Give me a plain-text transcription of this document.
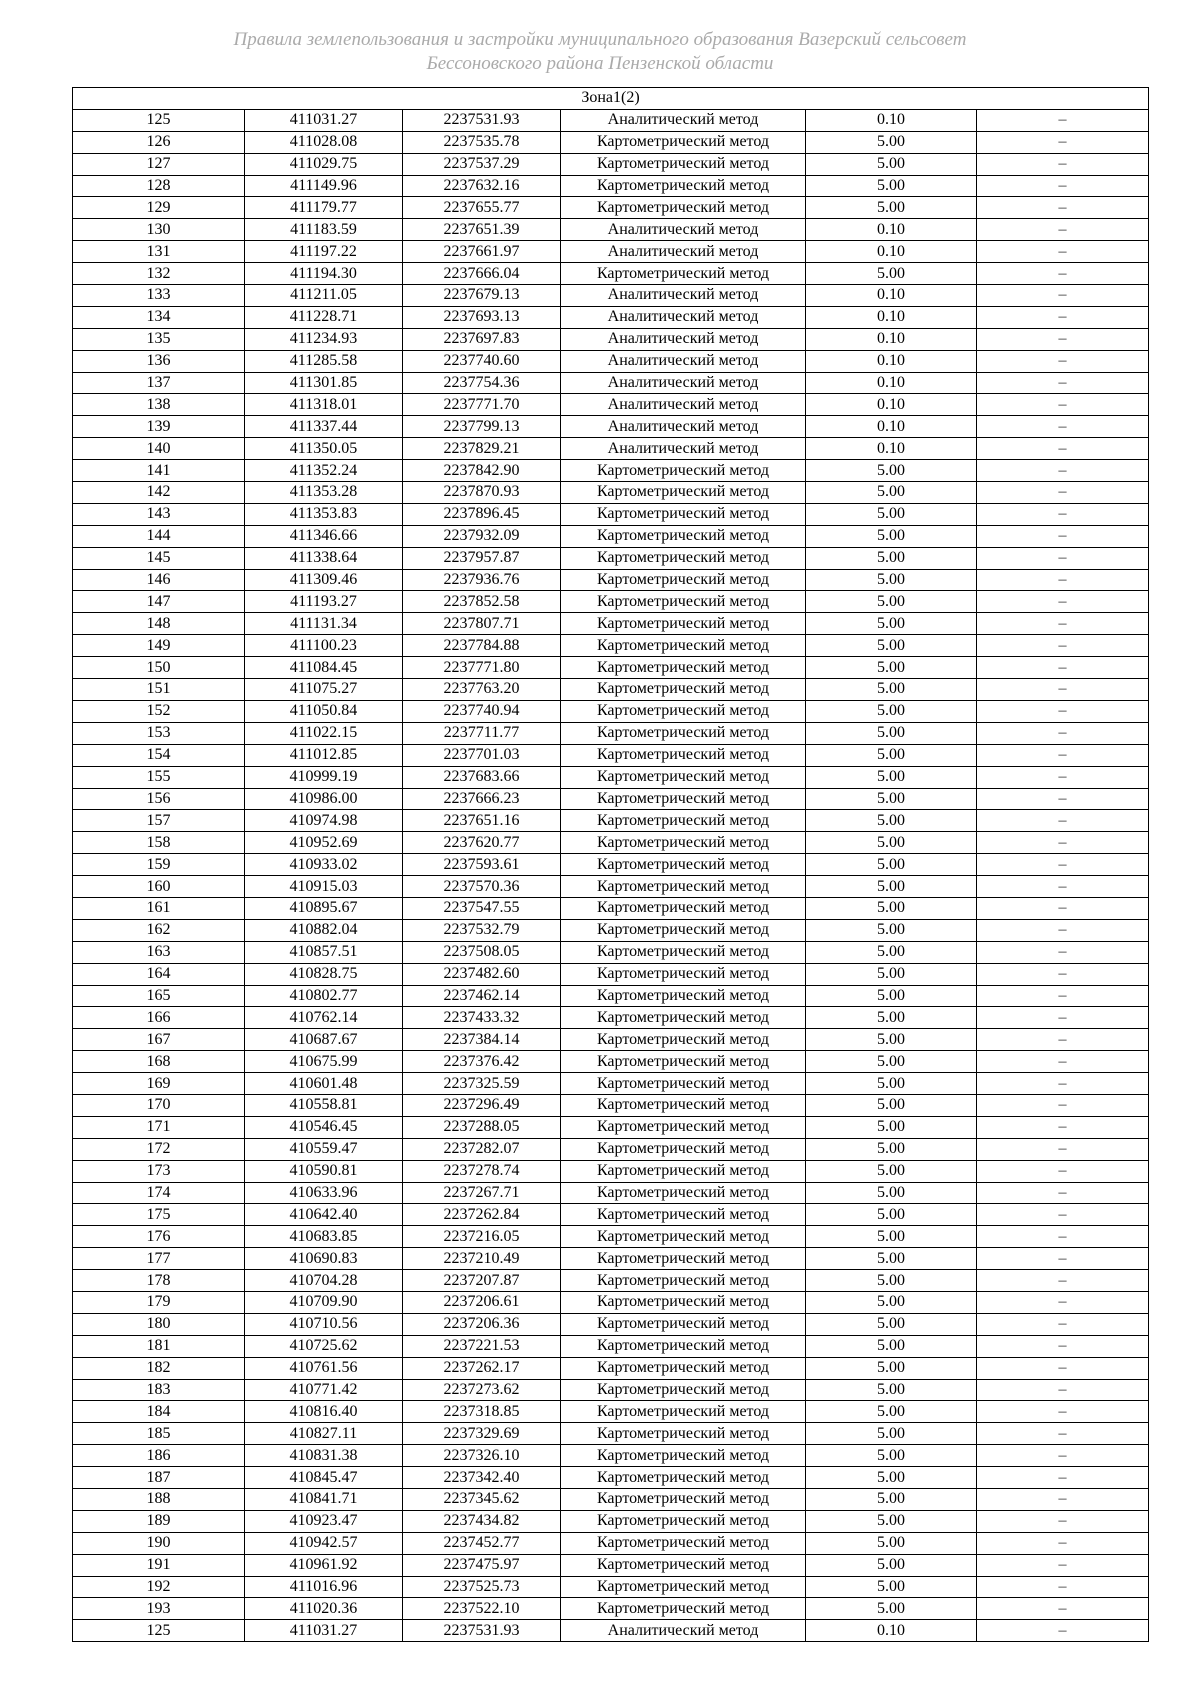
Правила землепользования и застройки муниципального образования Вазерский сельсовет
Бессоновского района Пензенской области
Зона1(2)					
125	411031.27	2237531.93	Аналитический метод	0.10	–
126	411028.08	2237535.78	Картометрический метод	5.00	–
127	411029.75	2237537.29	Картометрический метод	5.00	–
128	411149.96	2237632.16	Картометрический метод	5.00	–
129	411179.77	2237655.77	Картометрический метод	5.00	–
130	411183.59	2237651.39	Аналитический метод	0.10	–
131	411197.22	2237661.97	Аналитический метод	0.10	–
132	411194.30	2237666.04	Картометрический метод	5.00	–
133	411211.05	2237679.13	Аналитический метод	0.10	–
134	411228.71	2237693.13	Аналитический метод	0.10	–
135	411234.93	2237697.83	Аналитический метод	0.10	–
136	411285.58	2237740.60	Аналитический метод	0.10	–
137	411301.85	2237754.36	Аналитический метод	0.10	–
138	411318.01	2237771.70	Аналитический метод	0.10	–
139	411337.44	2237799.13	Аналитический метод	0.10	–
140	411350.05	2237829.21	Аналитический метод	0.10	–
141	411352.24	2237842.90	Картометрический метод	5.00	–
142	411353.28	2237870.93	Картометрический метод	5.00	–
143	411353.83	2237896.45	Картометрический метод	5.00	–
144	411346.66	2237932.09	Картометрический метод	5.00	–
145	411338.64	2237957.87	Картометрический метод	5.00	–
146	411309.46	2237936.76	Картометрический метод	5.00	–
147	411193.27	2237852.58	Картометрический метод	5.00	–
148	411131.34	2237807.71	Картометрический метод	5.00	–
149	411100.23	2237784.88	Картометрический метод	5.00	–
150	411084.45	2237771.80	Картометрический метод	5.00	–
151	411075.27	2237763.20	Картометрический метод	5.00	–
152	411050.84	2237740.94	Картометрический метод	5.00	–
153	411022.15	2237711.77	Картометрический метод	5.00	–
154	411012.85	2237701.03	Картометрический метод	5.00	–
155	410999.19	2237683.66	Картометрический метод	5.00	–
156	410986.00	2237666.23	Картометрический метод	5.00	–
157	410974.98	2237651.16	Картометрический метод	5.00	–
158	410952.69	2237620.77	Картометрический метод	5.00	–
159	410933.02	2237593.61	Картометрический метод	5.00	–
160	410915.03	2237570.36	Картометрический метод	5.00	–
161	410895.67	2237547.55	Картометрический метод	5.00	–
162	410882.04	2237532.79	Картометрический метод	5.00	–
163	410857.51	2237508.05	Картометрический метод	5.00	–
164	410828.75	2237482.60	Картометрический метод	5.00	–
165	410802.77	2237462.14	Картометрический метод	5.00	–
166	410762.14	2237433.32	Картометрический метод	5.00	–
167	410687.67	2237384.14	Картометрический метод	5.00	–
168	410675.99	2237376.42	Картометрический метод	5.00	–
169	410601.48	2237325.59	Картометрический метод	5.00	–
170	410558.81	2237296.49	Картометрический метод	5.00	–
171	410546.45	2237288.05	Картометрический метод	5.00	–
172	410559.47	2237282.07	Картометрический метод	5.00	–
173	410590.81	2237278.74	Картометрический метод	5.00	–
174	410633.96	2237267.71	Картометрический метод	5.00	–
175	410642.40	2237262.84	Картометрический метод	5.00	–
176	410683.85	2237216.05	Картометрический метод	5.00	–
177	410690.83	2237210.49	Картометрический метод	5.00	–
178	410704.28	2237207.87	Картометрический метод	5.00	–
179	410709.90	2237206.61	Картометрический метод	5.00	–
180	410710.56	2237206.36	Картометрический метод	5.00	–
181	410725.62	2237221.53	Картометрический метод	5.00	–
182	410761.56	2237262.17	Картометрический метод	5.00	–
183	410771.42	2237273.62	Картометрический метод	5.00	–
184	410816.40	2237318.85	Картометрический метод	5.00	–
185	410827.11	2237329.69	Картометрический метод	5.00	–
186	410831.38	2237326.10	Картометрический метод	5.00	–
187	410845.47	2237342.40	Картометрический метод	5.00	–
188	410841.71	2237345.62	Картометрический метод	5.00	–
189	410923.47	2237434.82	Картометрический метод	5.00	–
190	410942.57	2237452.77	Картометрический метод	5.00	–
191	410961.92	2237475.97	Картометрический метод	5.00	–
192	411016.96	2237525.73	Картометрический метод	5.00	–
193	411020.36	2237522.10	Картометрический метод	5.00	–
125	411031.27	2237531.93	Аналитический метод	0.10	–
